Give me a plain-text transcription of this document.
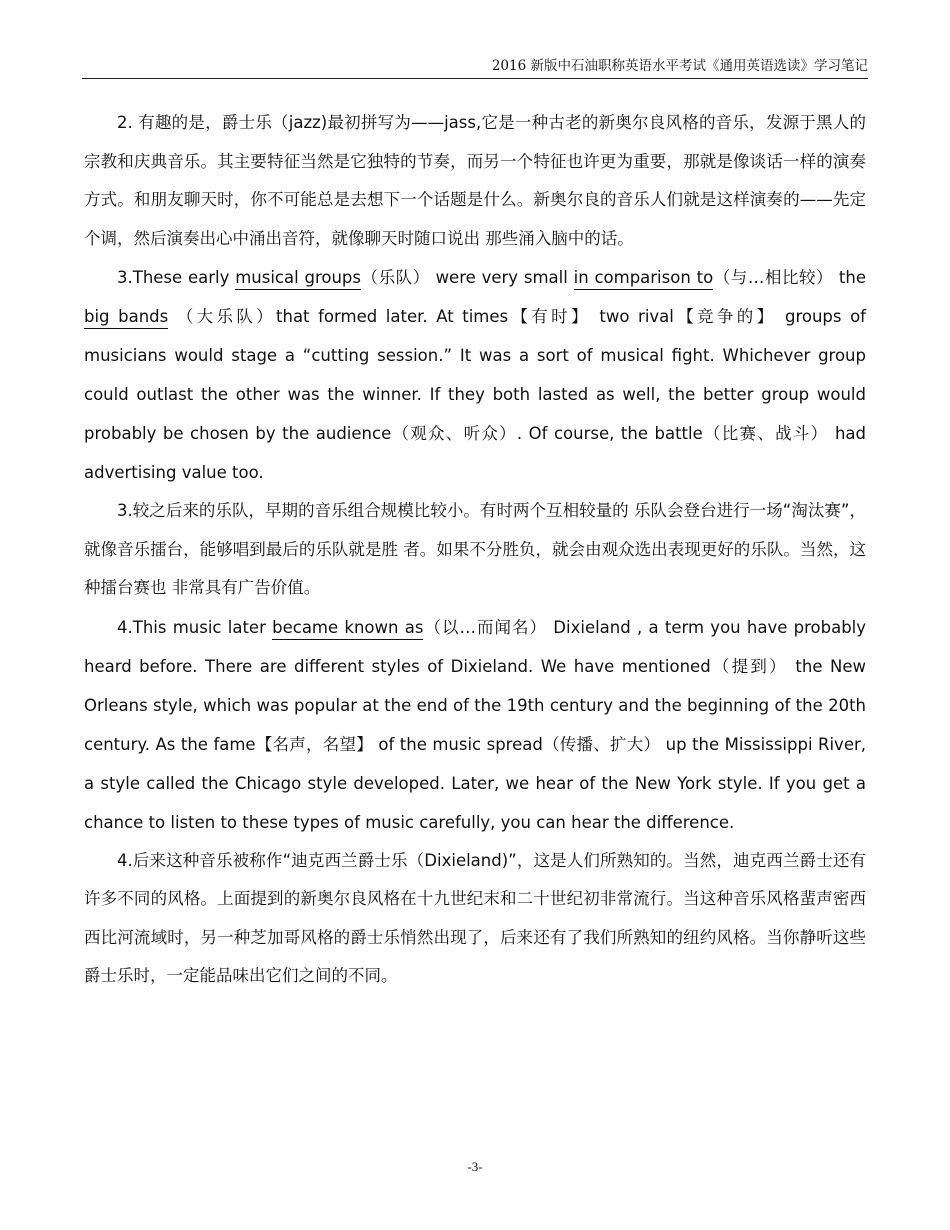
2016 新版中石油职称英语水平考试《通用英语选读》学习笔记

2. 有趣的是，爵士乐（jazz)最初拼写为——jass,它是一种古老的新奥尔良风格的音乐，发源于黑人的宗教和庆典音乐。其主要特征当然是它独特的节奏，而另一个特征也许更为重要，那就是像谈话一样的演奏方式。和朋友聊天时，你不可能总是去想下一个话题是什么。新奥尔良的音乐人们就是这样演奏的——先定个调，然后演奏出心中涌出音符，就像聊天时随口说出 那些涌入脑中的话。

3.These early musical groups（乐队） were very small in comparison to（与…相比较） the big bands （大乐队）that formed later. At times【有时】 two rival【竞争的】 groups of musicians would stage a “cutting session.” It was a sort of musical fight. Whichever group could outlast the other was the winner. If they both lasted as well, the better group would probably be chosen by the audience（观众、听众）. Of course, the battle（比赛、战斗） had advertising value too.

3.较之后来的乐队，早期的音乐组合规模比较小。有时两个互相较量的 乐队会登台进行一场“淘汰赛”，就像音乐擂台，能够唱到最后的乐队就是胜 者。如果不分胜负，就会由观众选出表现更好的乐队。当然，这种擂台赛也 非常具有广告价值。

4.This music later became known as（以…而闻名） Dixieland , a term you have probably heard before. There are different styles of Dixieland. We have mentioned（提到） the New Orleans style, which was popular at the end of the 19th century and the beginning of the 20th century. As the fame【名声，名望】 of the music spread（传播、扩大） up the Mississippi River, a style called the Chicago style developed. Later, we hear of the New York style. If you get a chance to listen to these types of music carefully, you can hear the difference.

4.后来这种音乐被称作“迪克西兰爵士乐（Dixieland)”，这是人们所熟知的。当然，迪克西兰爵士还有许多不同的风格。上面提到的新奥尔良风格在十九世纪末和二十世纪初非常流行。当这种音乐风格蜚声密西西比河流域时，另一种芝加哥风格的爵士乐悄然出现了，后来还有了我们所熟知的纽约风格。当你静听这些爵士乐时，一定能品味出它们之间的不同。

-3-
